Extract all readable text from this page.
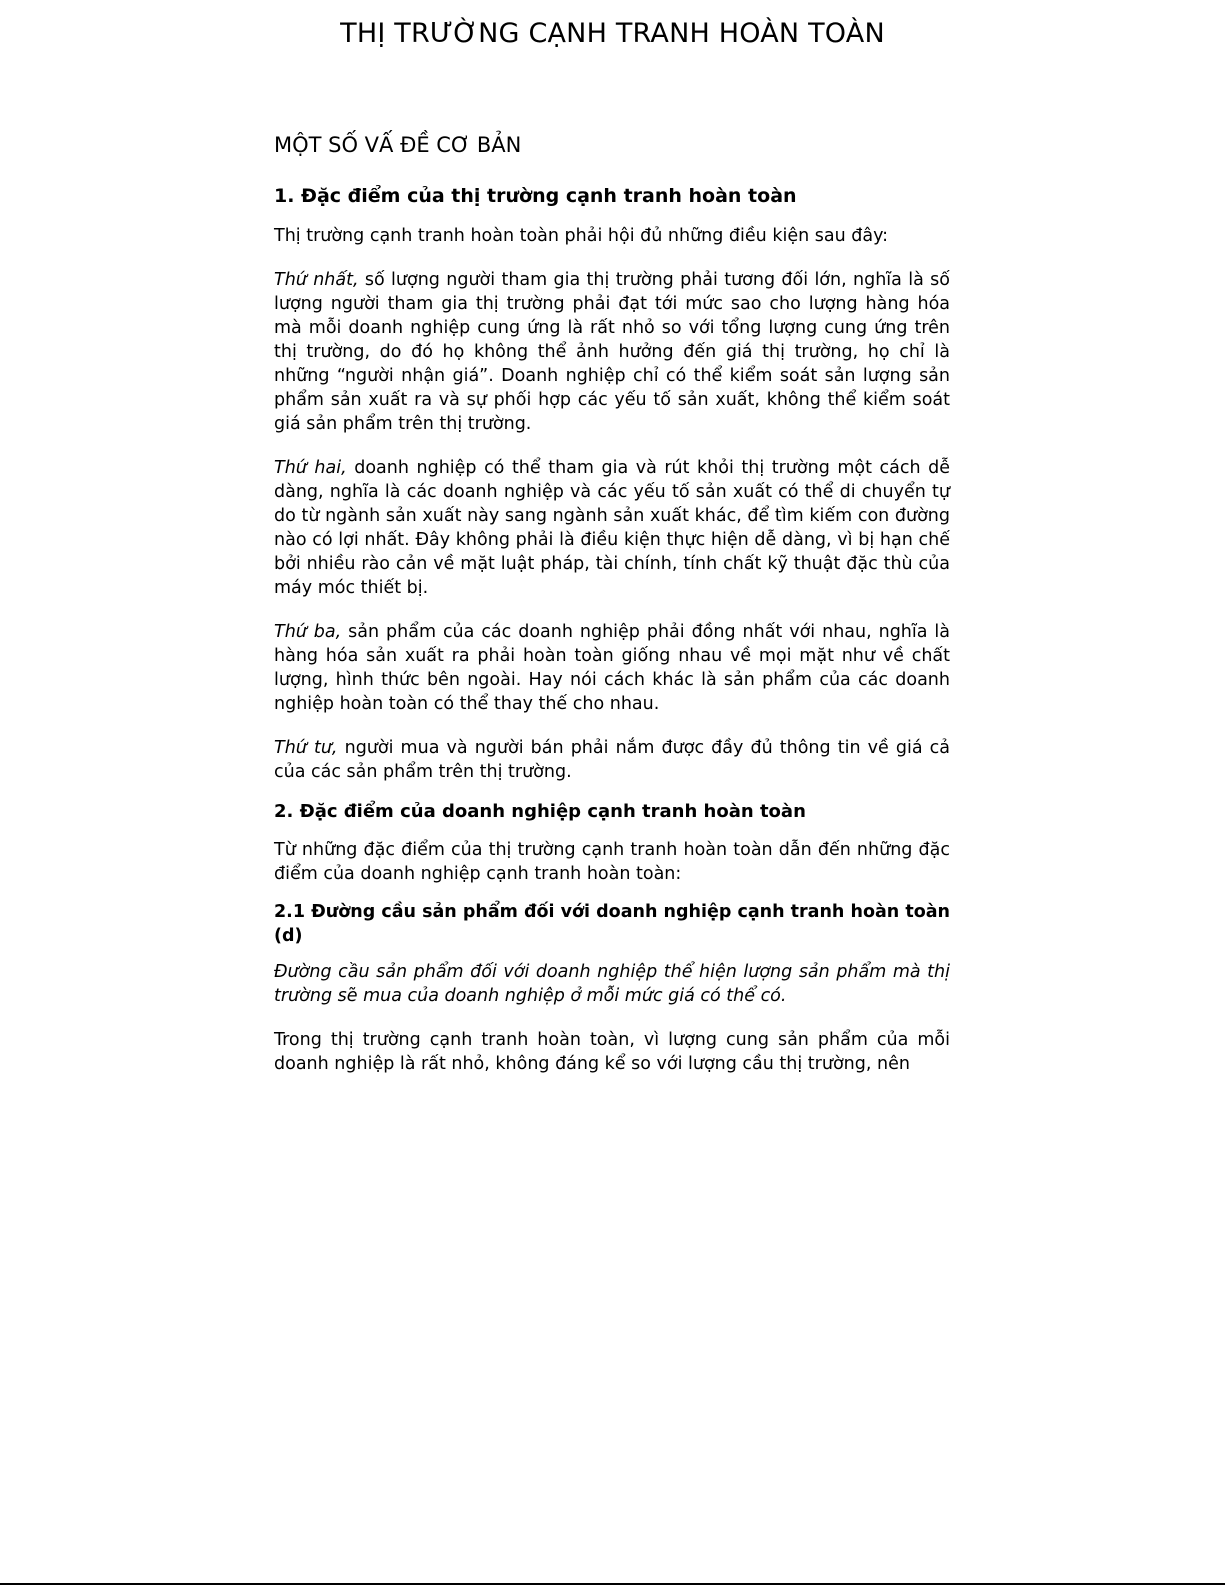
THỊ TRƯỜNG CẠNH TRANH HOÀN TOÀN
MỘT SỐ VẤ ĐỀ CƠ BẢN
1. Đặc điểm của thị trường cạnh tranh hoàn toàn

Thị trường cạnh tranh hoàn toàn phải hội đủ những điều kiện sau đây:

Thứ nhất, số lượng người tham gia thị trường phải tương đối lớn, nghĩa là số lượng người tham gia thị trường phải đạt tới mức sao cho lượng hàng hóa mà mỗi doanh nghiệp cung ứng là rất nhỏ so với tổng lượng cung ứng trên thị trường, do đó họ không thể ảnh hưởng đến giá thị trường, họ chỉ là những “người nhận giá”. Doanh nghiệp chỉ có thể kiểm soát sản lượng sản phẩm sản xuất ra và sự phối hợp các yếu tố sản xuất, không thể kiểm soát giá sản phẩm trên thị trường.

Thứ hai, doanh nghiệp có thể tham gia và rút khỏi thị trường một cách dễ dàng, nghĩa là các doanh nghiệp và các yếu tố sản xuất có thể di chuyển tự do từ ngành sản xuất này sang ngành sản xuất khác, để tìm kiếm con đường nào có lợi nhất. Đây không phải là điều kiện thực hiện dễ dàng, vì bị hạn chế bởi nhiều rào cản về mặt luật pháp, tài chính, tính chất kỹ thuật đặc thù của máy móc thiết bị.

Thứ ba, sản phẩm của các doanh nghiệp phải đồng nhất với nhau, nghĩa là hàng hóa sản xuất ra phải hoàn toàn giống nhau về mọi mặt như về chất lượng, hình thức bên ngoài. Hay nói cách khác là sản phẩm của các doanh nghiệp hoàn toàn có thể thay thế cho nhau.

Thứ tư, người mua và người bán phải nắm được đầy đủ thông tin về giá cả của các sản phẩm trên thị trường.

2. Đặc điểm của doanh nghiệp cạnh tranh hoàn toàn

Từ những đặc điểm của thị trường cạnh tranh hoàn toàn dẫn đến những đặc điểm của doanh nghiệp cạnh tranh hoàn toàn:

2.1 Đường cầu sản phẩm đối với doanh nghiệp cạnh tranh hoàn toàn (d)

Đường cầu sản phẩm đối với doanh nghiệp thể hiện lượng sản phẩm mà thị trường sẽ mua của doanh nghiệp ở mỗi mức giá có thể có.

Trong thị trường cạnh tranh hoàn toàn, vì lượng cung sản phẩm của mỗi doanh nghiệp là rất nhỏ, không đáng kể so với lượng cầu thị trường, nên
